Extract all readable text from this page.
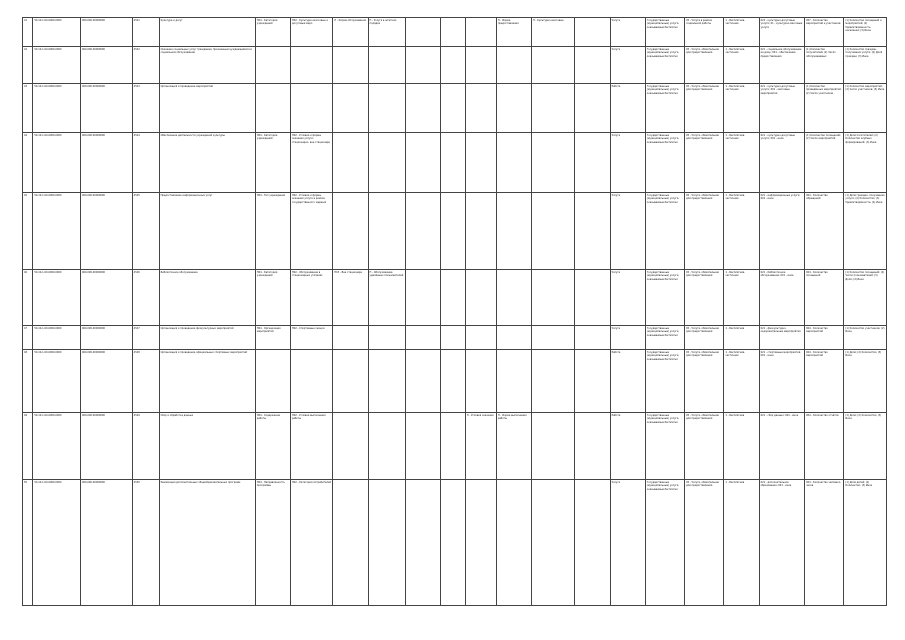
41	50-10-1-00-0000-0000	000-000-00000000	4541	Культура и досуг	Н04 - Категория учреждений	Н02 - Культурно-массовые и досуговые меро	Н - Форма обслуживания	Н - Услуга в штатном порядке				Н - Форма предоставления	Н - Культурно-массовые		Услуга	Государственные (муниципальные) услуги, оказываемые бесплатно	05 - Услуга в рамках социальной работы	1 - Бесплатная, частичная	023 - культурно-досуговые услуги; 01 - культурно-массовые услуги	007 - Количество мероприятий и участников	(1) Количество посещений и мероприятий; (2) Удовлетворённость населения; (3) Иное
42	50-10-1-00-0000-0000	000-000-00000000	4542	Оказание социальных услуг гражданам, признанным нуждающимися в социальном обслуживании											Услуга	Государственные (муниципальные) услуги, оказываемые бесплатно	05 - Услуга, обязательная для предоставления	1 - Бесплатная, частичная	021 - социальное обслуживание на дому; 001 - обеспечение предоставления	(1) Количество получателей; (2) Число обслуживаемых	(1) Количество граждан, получивших услуги; (2) Доля граждан; (3) Иное
43	50-10-1-00-0000-0000	000-000-00000000	4543	Организация и проведение мероприятий											Работа	Государственные (муниципальные) услуги, оказываемые бесплатно	05 - Услуга, обязательная для предоставления	1 - Бесплатная, частичная	021 - культурно-досуговые услуги; 001 - массовые мероприятия	(1) Количество проведённых мероприятий; (2) Число участников	(1) Количество мероприятий; (2) Число участников; (3) Иное
44	50-10-1-00-0000-0000	000-000-00000000	4544	Обеспечение деятельности учреждений культуры	Н04 - Категория учреждений	Н02 - Условия и формы оказания услуги; стационарно, вне стационара									Услуга	Государственные (муниципальные) услуги, оказываемые бесплатно	05 - Услуга, обязательная для предоставления	1 - Бесплатная, частичная	021 - культурно-досуговые услуги; 001 - иное	(1) Количество посещений; (2) Число мероприятий	(1) Доля посетителей; (2) Количество клубных формирований; (3) Иное
45	50-10-1-00-0000-0000	000-000-00000000	4545	Предоставление информационных услуг	Н04 - Тип учреждения	Н02 - Условия и формы оказания услуги в рамках государственного задания									Услуга	Государственные (муниципальные) услуги, оказываемые бесплатно	05 - Услуга, обязательная для предоставления	1 - Бесплатная, частичная	021 - информационные услуги; 001 - иное	004 - Количество обращений	(1) Доля граждан, получивших услуги; (2) Количество; (3) Удовлетворённость; (4) Иное
46	50-10-1-00-0000-0000	000-000-00000000	4546	Библиотечное обслуживание	Н04 - Категория учреждений	Н02 - Обслуживание в стационарных условиях	Н03 - Вне стационара	Н - Обслуживание удалённых пользователей							Услуга	Государственные (муниципальные) услуги, оказываемые бесплатно	05 - Услуга, обязательная для предоставления	1 - Бесплатная, частичная	021 - библиотечное обслуживание; 001 - иное	004 - Количество посещений	(1) Количество посещений; (2) Число пользователей; (3) Доля; (4) Иное
47	50-10-1-00-0000-0000	000-000-00000000	4547	Организация и проведение физкультурных мероприятий	Н04 - Организация мероприятий	Н02 - Спортивные секции									Услуга	Государственные (муниципальные) услуги, оказываемые бесплатно	05 - Услуга, обязательная для предоставления	1 - Бесплатная	021 - физкультурно-оздоровительные мероприятия	004 - Количество мероприятий	(1) Количество участников; (2) Иное
48	50-10-1-00-0000-0000	000-000-00000000	4548	Организация и проведение официальных спортивных мероприятий											Работа	Государственные (муниципальные) услуги, оказываемые бесплатно	05 - Услуга, обязательная для предоставления	1 - Бесплатная, частичная	021 - спортивные мероприятия; 001 - иное	004 - Количество мероприятий	(1) Доля; (2) Количество; (3) Иное
49	50-10-1-00-0000-0000	000-000-00000000	4549	Сбор и обработка данных	Н04 - Содержание работы	Н02 - Условия выполнения работы					Н - Условия оказания	Н - Форма выполнения работы			Работа	Государственные (муниципальные) услуги, оказываемые бесплатно	05 - Услуга, обязательная для предоставления	1 - Бесплатная	021 - сбор данных; 001 - иное	004 - Количество отчётов	(1) Доля; (2) Количество; (3) Иное
50	50-10-1-00-0000-0000	000-000-00000000	4550	Реализация дополнительных общеобразовательных программ	Н04 - Направленность программы	Н02 - Категория потребителей									Услуга	Государственные (муниципальные) услуги, оказываемые бесплатно	05 - Услуга, обязательная для предоставления	1 - Бесплатная	021 - дополнительное образование; 001 - иное	004 - Количество человеко-часов	(1) Доля детей; (2) Количество; (3) Иное
